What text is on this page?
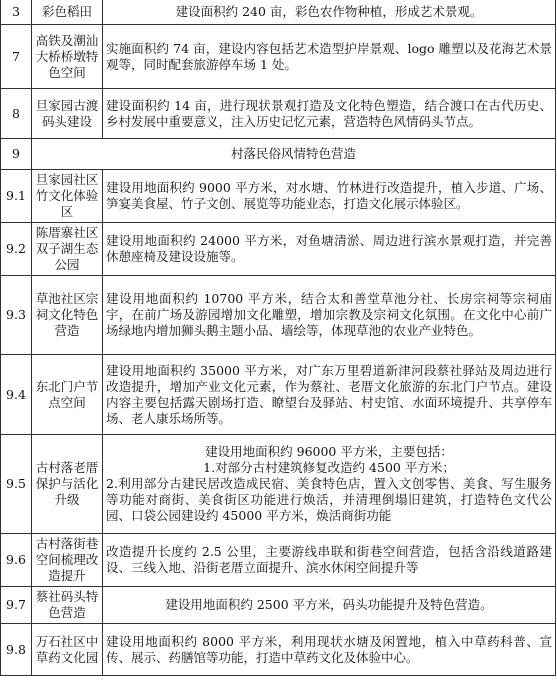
3	彩色稻田	建设面积约 240 亩，彩色农作物种植，形成艺术景观。

7	高铁及潮汕大桥桥墩特色空间	实施面积约 74 亩，建设内容包括艺术造型护岸景观、logo 雕塑以及花海艺术景观等，同时配套旅游停车场 1 处。

8	旦家园古渡码头建设	建设面积约 14 亩，进行现状景观打造及文化特色塑造，结合渡口在古代历史、乡村发展中重要意义，注入历史记忆元素，营造特色风情码头节点。

9	村落民俗风情特色营造	
9.1	旦家园社区竹文化体验区	建设用地面积约 9000 平方米，对水塘、竹林进行改造提升，植入步道、广场、笋宴美食屋、竹子文创、展览等功能业态，打造文化展示体验区。

9.2	陈厝寨社区双子湖生态公园	建设用地面积约 24000 平方米，对鱼塘清淤、周边进行滨水景观打造，并完善休憩座椅及建设设施等。

9.3	草池社区宗祠文化特色营造	建设用地面积约 10700 平方米，结合太和善堂草池分社、长房宗祠等宗祠庙宇，在前广场及游园增加文化雕塑，增加宗教及宗祠文化氛围。在文化中心前广场绿地内增加狮头鹅主题小品、墙绘等，体现草池的农业产业特色。

9.4	东北门户节点空间	建设用地面积约 35000 平方米，对广东万里碧道新津河段蔡社驿站及周边进行改造提升，增加产业文化元素，作为蔡社、老厝文化旅游的东北门户节点。建设内容主要包括露天剧场打造、瞭望台及驿站、村史馆、水面环境提升、共享停车场、老人康乐场所等。

9.5	古村落老厝保护与活化升级	建设用地面积约 96000 平方米，主要包括：
1.对部分古村建筑修复改造约 4500 平方米；
2.利用部分古建民居改造成民宿、美食特色店，置入文创零售、美食、写生服务等功能对商街、美食街区功能进行焕活，并清理倒塌旧建筑，打造特色文代公园、口袋公园建设约 45000 平方米，焕活商街功能

9.6	古村落街巷空间梳理改造提升	改造提升长度约 2.5 公里，主要游线串联和街巷空间营造，包括含沿线道路建设、三线入地、沿街老厝立面提升、滨水休闲空间提升等

9.7	蔡社码头特色营造	建设用地面积约 2500 平方米，码头功能提升及特色营造。

9.8	万石社区中草药文化园	建设用地面积约 8000 平方米，利用现状水塘及闲置地，植入中草药科普、宣传、展示、药膳馆等功能，打造中草药文化及体验中心。
